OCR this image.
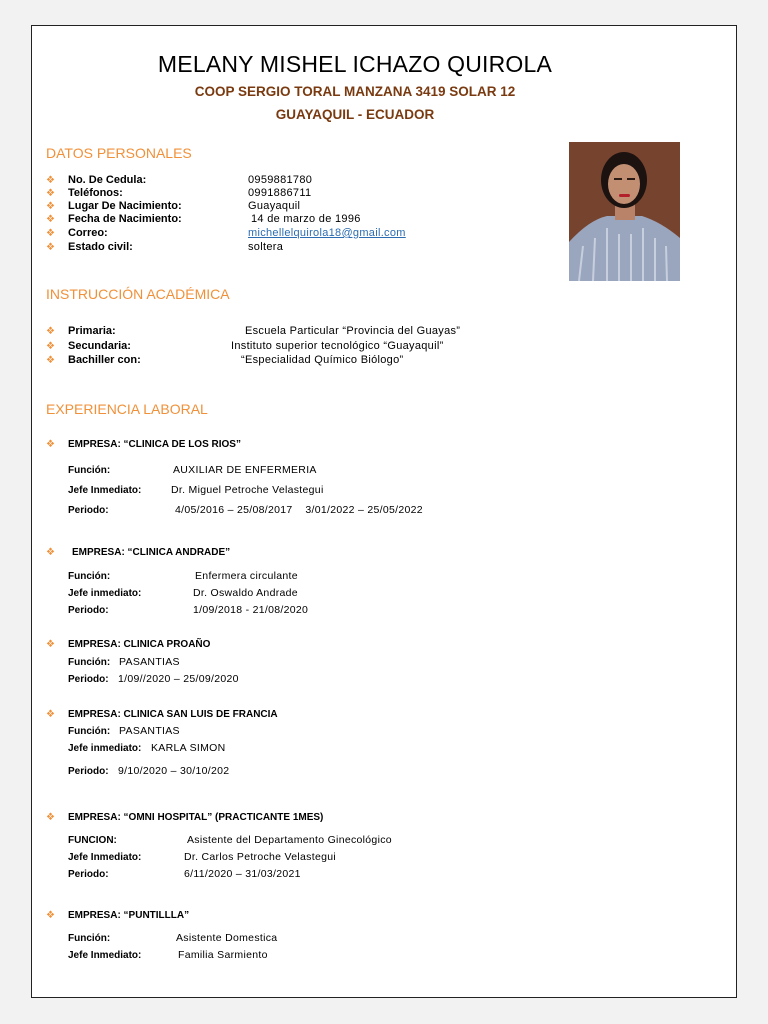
MELANY MISHEL ICHAZO QUIROLA
COOP SERGIO TORAL MANZANA 3419 SOLAR 12
GUAYAQUIL - ECUADOR
DATOS PERSONALES
❖ No. De Cedula:	0959881780
❖ Teléfonos:	0991886711
❖ Lugar De Nacimiento:	Guayaquil
❖ Fecha de Nacimiento:	14 de marzo de 1996
❖ Correo:	michellelquirola18@gmail.com
❖ Estado civil:	soltera
INSTRUCCIÓN ACADÉMICA
❖ Primaria:	Escuela Particular “Provincia del Guayas”
❖ Secundaria:	Instituto superior tecnológico “Guayaquil”
❖ Bachiller con:	“Especialidad Químico Biólogo”
EXPERIENCIA LABORAL
❖ EMPRESA: “CLINICA DE LOS RIOS”
Función:	AUXILIAR DE ENFERMERIA
Jefe Inmediato:	Dr. Miguel Petroche Velastegui
Periodo:	4/05/2016 – 25/08/2017    3/01/2022 – 25/05/2022
❖ EMPRESA: “CLINICA ANDRADE”
Función:	Enfermera circulante
Jefe inmediato:	Dr. Oswaldo Andrade
Periodo:	1/09/2018 - 21/08/2020
❖ EMPRESA: CLINICA PROAÑO
Función: PASANTIAS
Periodo: 1/09//2020 – 25/09/2020
❖ EMPRESA: CLINICA SAN LUIS DE FRANCIA
Función: PASANTIAS
Jefe inmediato: KARLA SIMON
Periodo: 9/10/2020 – 30/10/202
❖ EMPRESA: “OMNI HOSPITAL” (PRACTICANTE 1MES)
FUNCION:	Asistente del Departamento Ginecológico
Jefe Inmediato:	Dr. Carlos Petroche Velastegui
Periodo:	6/11/2020 – 31/03/2021
❖ EMPRESA: “PUNTILLLA”
Función:	Asistente Domestica
Jefe Inmediato:	Familia Sarmiento
